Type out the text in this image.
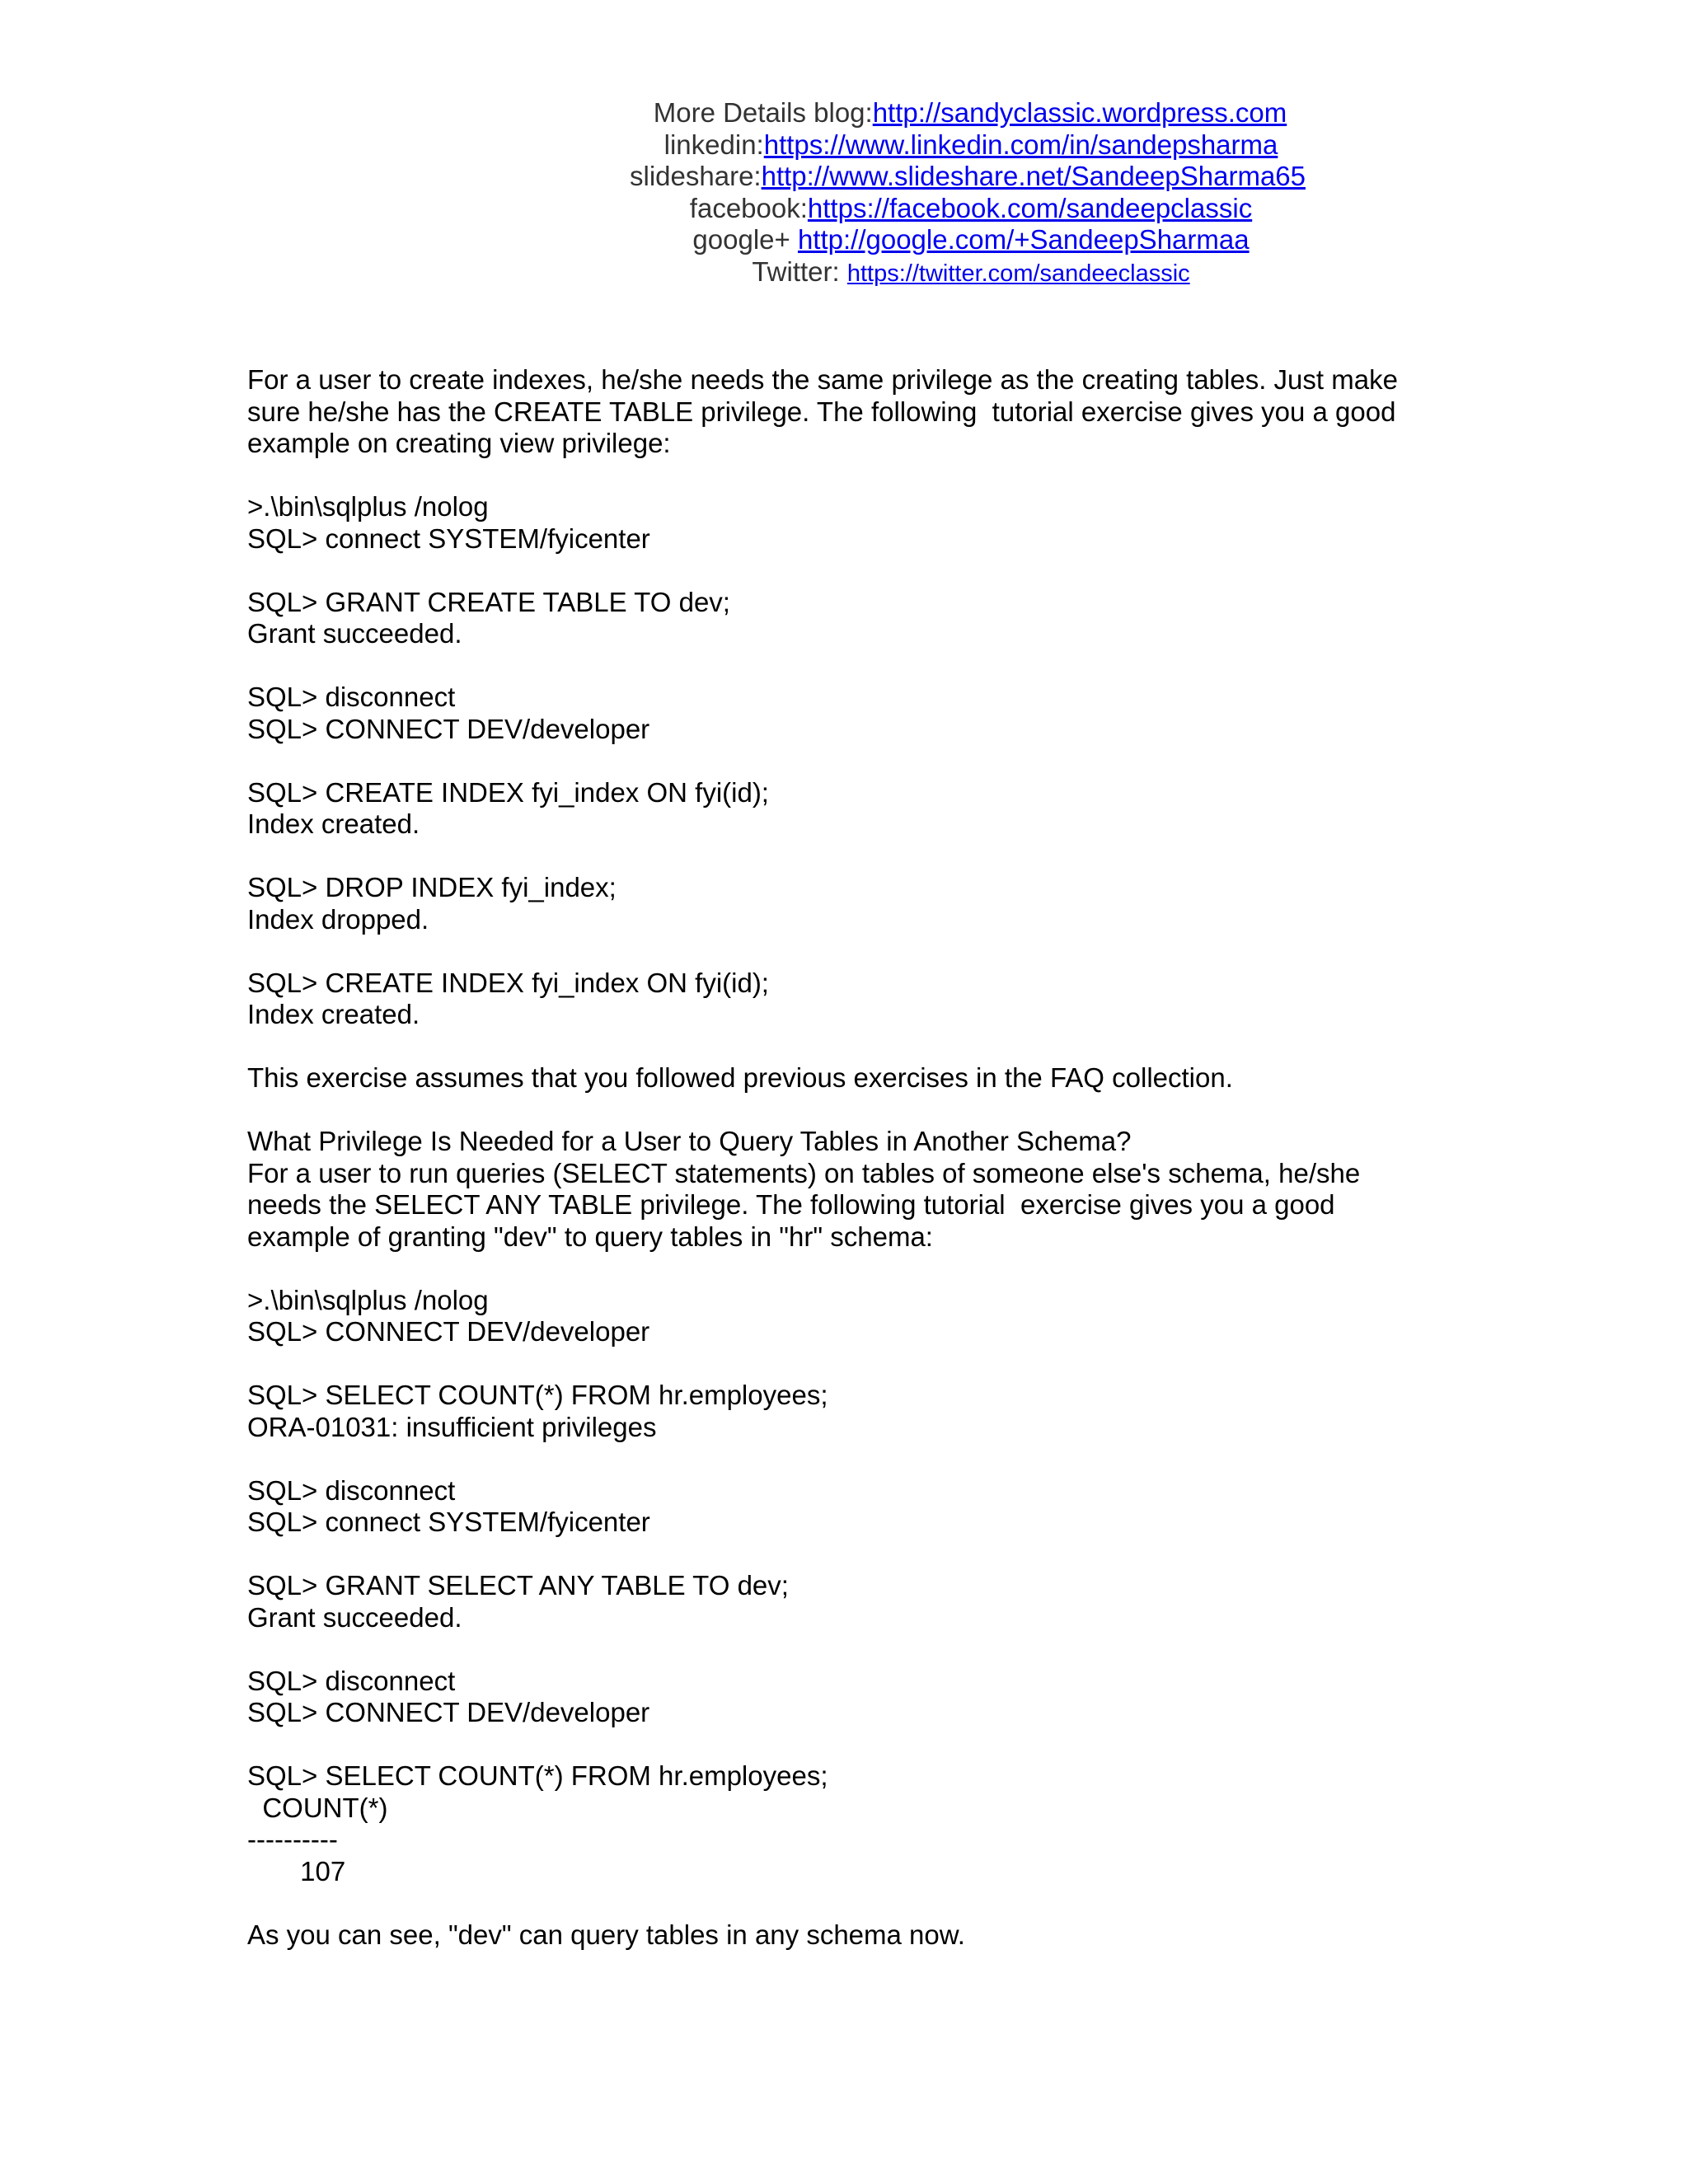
More Details blog:http://sandyclassic.wordpress.com
linkedin:https://www.linkedin.com/in/sandepsharma
slideshare:http://www.slideshare.net/SandeepSharma65
facebook:https://facebook.com/sandeepclassic
google+ http://google.com/+SandeepSharmaa
Twitter: https://twitter.com/sandeeclassic
For a user to create indexes, he/she needs the same privilege as the creating tables. Just make
sure he/she has the CREATE TABLE privilege. The following  tutorial exercise gives you a good
example on creating view privilege:
>.\bin\sqlplus /nolog
SQL> connect SYSTEM/fyicenter
SQL> GRANT CREATE TABLE TO dev;
Grant succeeded.
SQL> disconnect
SQL> CONNECT DEV/developer
SQL> CREATE INDEX fyi_index ON fyi(id);
Index created.
SQL> DROP INDEX fyi_index;
Index dropped.
SQL> CREATE INDEX fyi_index ON fyi(id);
Index created.
This exercise assumes that you followed previous exercises in the FAQ collection.
What Privilege Is Needed for a User to Query Tables in Another Schema?
For a user to run queries (SELECT statements) on tables of someone else's schema, he/she
needs the SELECT ANY TABLE privilege. The following tutorial  exercise gives you a good
example of granting "dev" to query tables in "hr" schema:
>.\bin\sqlplus /nolog
SQL> CONNECT DEV/developer
SQL> SELECT COUNT(*) FROM hr.employees;
ORA-01031: insufficient privileges
SQL> disconnect
SQL> connect SYSTEM/fyicenter
SQL> GRANT SELECT ANY TABLE TO dev;
Grant succeeded.
SQL> disconnect
SQL> CONNECT DEV/developer
SQL> SELECT COUNT(*) FROM hr.employees;
COUNT(*)
----------
107
As you can see, "dev" can query tables in any schema now.
